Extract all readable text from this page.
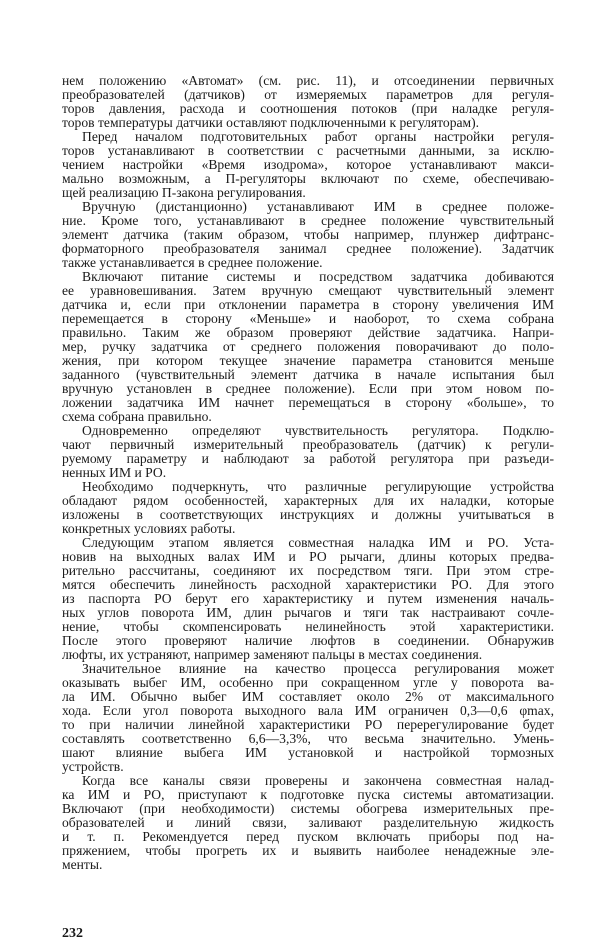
нем положению «Автомат» (см. рис. 11), и отсоединении первичных
преобразователей (датчиков) от измеряемых параметров для регуля-
торов давления, расхода и соотношения потоков (при наладке регуля-
торов температуры датчики оставляют подключенными к регуляторам).
Перед началом подготовительных работ органы настройки регуля-
торов устанавливают в соответствии с расчетными данными, за исклю-
чением настройки «Время изодрома», которое устанавливают макси-
мально возможным, а П-регуляторы включают по схеме, обеспечиваю-
щей реализацию П-закона регулирования.
Вручную (дистанционно) устанавливают ИМ в среднее положе-
ние. Кроме того, устанавливают в среднее положение чувствительный
элемент датчика (таким образом, чтобы например, плунжер дифтранс-
форматорного преобразователя занимал среднее положение). Задатчик
также устанавливается в среднее положение.
Включают питание системы и посредством задатчика добиваются
ее уравновешивания. Затем вручную смещают чувствительный элемент
датчика и, если при отклонении параметра в сторону увеличения ИМ
перемещается в сторону «Меньше» и наоборот, то схема собрана
правильно. Таким же образом проверяют действие задатчика. Напри-
мер, ручку задатчика от среднего положения поворачивают до поло-
жения, при котором текущее значение параметра становится меньше
заданного (чувствительный элемент датчика в начале испытания был
вручную установлен в среднее положение). Если при этом новом по-
ложении задатчика ИМ начнет перемещаться в сторону «больше», то
схема собрана правильно.
Одновременно определяют чувствительность регулятора. Подклю-
чают первичный измерительный преобразователь (датчик) к регули-
руемому параметру и наблюдают за работой регулятора при разъеди-
ненных ИМ и РО.
Необходимо подчеркнуть, что различные регулирующие устройства
обладают рядом особенностей, характерных для их наладки, которые
изложены в соответствующих инструкциях и должны учитываться в
конкретных условиях работы.
Следующим этапом является совместная наладка ИМ и РО. Уста-
новив на выходных валах ИМ и РО рычаги, длины которых предва-
рительно рассчитаны, соединяют их посредством тяги. При этом стре-
мятся обеспечить линейность расходной характеристики РО. Для этого
из паспорта РО берут его характеристику и путем изменения началь-
ных углов поворота ИМ, длин рычагов и тяги так настраивают сочле-
нение, чтобы скомпенсировать нелинейность этой характеристики.
После этого проверяют наличие люфтов в соединении. Обнаружив
люфты, их устраняют, например заменяют пальцы в местах соединения.
Значительное влияние на качество процесса регулирования может
оказывать выбег ИМ, особенно при сокращенном угле у поворота ва-
ла ИМ. Обычно выбег ИМ составляет около 2% от максимального
хода. Если угол поворота выходного вала ИМ ограничен 0,3—0,6 φmax,
то при наличии линейной характеристики РО перерегулирование будет
составлять соответственно 6,6—3,3%, что весьма значительно. Умень-
шают влияние выбега ИМ установкой и настройкой тормозных
устройств.
Когда все каналы связи проверены и закончена совместная налад-
ка ИМ и РО, приступают к подготовке пуска системы автоматизации.
Включают (при необходимости) системы обогрева измерительных пре-
образователей и линий связи, заливают разделительную жидкость
и т. п. Рекомендуется перед пуском включать приборы под на-
пряжением, чтобы прогреть их и выявить наиболее ненадежные эле-
менты.
232
